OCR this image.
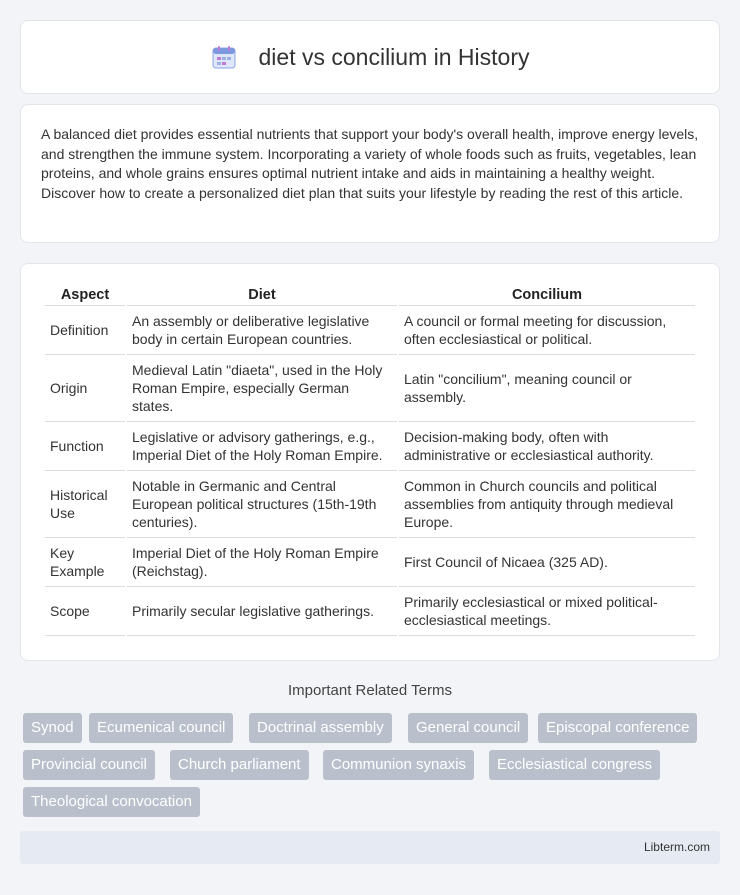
diet vs concilium in History

A balanced diet provides essential nutrients that support your body's overall health, improve energy levels, and strengthen the immune system. Incorporating a variety of whole foods such as fruits, vegetables, lean proteins, and whole grains ensures optimal nutrient intake and aids in maintaining a healthy weight. Discover how to create a personalized diet plan that suits your lifestyle by reading the rest of this article.

Aspect	Diet	Concilium
Definition	An assembly or deliberative legislative body in certain European countries.	A council or formal meeting for discussion, often ecclesiastical or political.
Origin	Medieval Latin "diaeta", used in the Holy Roman Empire, especially German states.	Latin "concilium", meaning council or assembly.
Function	Legislative or advisory gatherings, e.g., Imperial Diet of the Holy Roman Empire.	Decision-making body, often with administrative or ecclesiastical authority.
Historical Use	Notable in Germanic and Central European political structures (15th-19th centuries).	Common in Church councils and political assemblies from antiquity through medieval Europe.
Key Example	Imperial Diet of the Holy Roman Empire (Reichstag).	First Council of Nicaea (325 AD).
Scope	Primarily secular legislative gatherings.	Primarily ecclesiastical or mixed political-ecclesiastical meetings.
Important Related Terms
Synod	Ecumenical council	Doctrinal assembly	General council	Episcopal conference
Provincial council	Church parliament	Communion synaxis	Ecclesiastical congress
Theological convocation
Libterm.com
